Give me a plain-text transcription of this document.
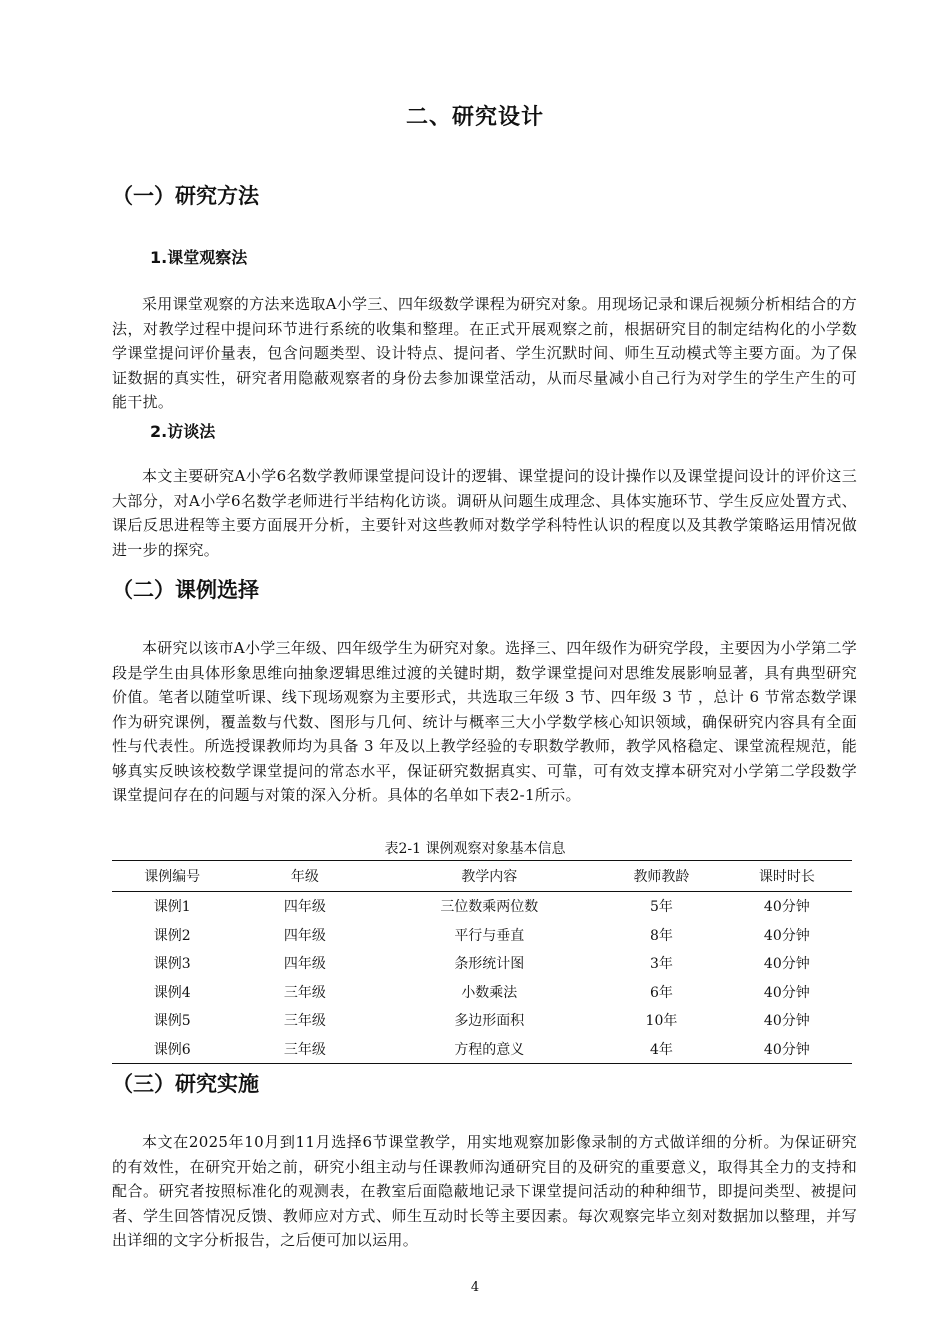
二、研究设计
（一）研究方法
1.课堂观察法

采用课堂观察的方法来选取A小学三、四年级数学课程为研究对象。用现场记录和课后视频分析相结合的方法，对教学过程中提问环节进行系统的收集和整理。在正式开展观察之前，根据研究目的制定结构化的小学数学课堂提问评价量表，包含问题类型、设计特点、提问者、学生沉默时间、师生互动模式等主要方面。为了保证数据的真实性，研究者用隐蔽观察者的身份去参加课堂活动，从而尽量减小自己行为对学生的学生产生的可能干扰。

2.访谈法

本文主要研究A小学6名数学教师课堂提问设计的逻辑、课堂提问的设计操作以及课堂提问设计的评价这三大部分，对A小学6名数学老师进行半结构化访谈。调研从问题生成理念、具体实施环节、学生反应处置方式、课后反思进程等主要方面展开分析，主要针对这些教师对数学学科特性认识的程度以及其教学策略运用情况做进一步的探究。

（二）课例选择

本研究以该市A小学三年级、四年级学生为研究对象。选择三、四年级作为研究学段，主要因为小学第二学段是学生由具体形象思维向抽象逻辑思维过渡的关键时期，数学课堂提问对思维发展影响显著，具有典型研究价值。笔者以随堂听课、线下现场观察为主要形式，共选取三年级 3 节、四年级 3 节 ，总计 6 节常态数学课作为研究课例，覆盖数与代数、图形与几何、统计与概率三大小学数学核心知识领域，确保研究内容具有全面性与代表性。所选授课教师均为具备 3 年及以上教学经验的专职数学教师，教学风格稳定、课堂流程规范，能够真实反映该校数学课堂提问的常态水平，保证研究数据真实、可靠，可有效支撑本研究对小学第二学段数学课堂提问存在的问题与对策的深入分析。具体的名单如下表2-1所示。

表2-1 课例观察对象基本信息
课例编号	年级	教学内容	教师教龄	课时时长
课例1	四年级	三位数乘两位数	5年	40分钟
课例2	四年级	平行与垂直	8年	40分钟
课例3	四年级	条形统计图	3年	40分钟
课例4	三年级	小数乘法	6年	40分钟
课例5	三年级	多边形面积	10年	40分钟
课例6	三年级	方程的意义	4年	40分钟
（三）研究实施

本文在2025年10月到11月选择6节课堂教学，用实地观察加影像录制的方式做详细的分析。为保证研究的有效性，在研究开始之前，研究小组主动与任课教师沟通研究目的及研究的重要意义，取得其全力的支持和配合。研究者按照标准化的观测表，在教室后面隐蔽地记录下课堂提问活动的种种细节，即提问类型、被提问者、学生回答情况反馈、教师应对方式、师生互动时长等主要因素。每次观察完毕立刻对数据加以整理，并写出详细的文字分析报告，之后便可加以运用。

4
